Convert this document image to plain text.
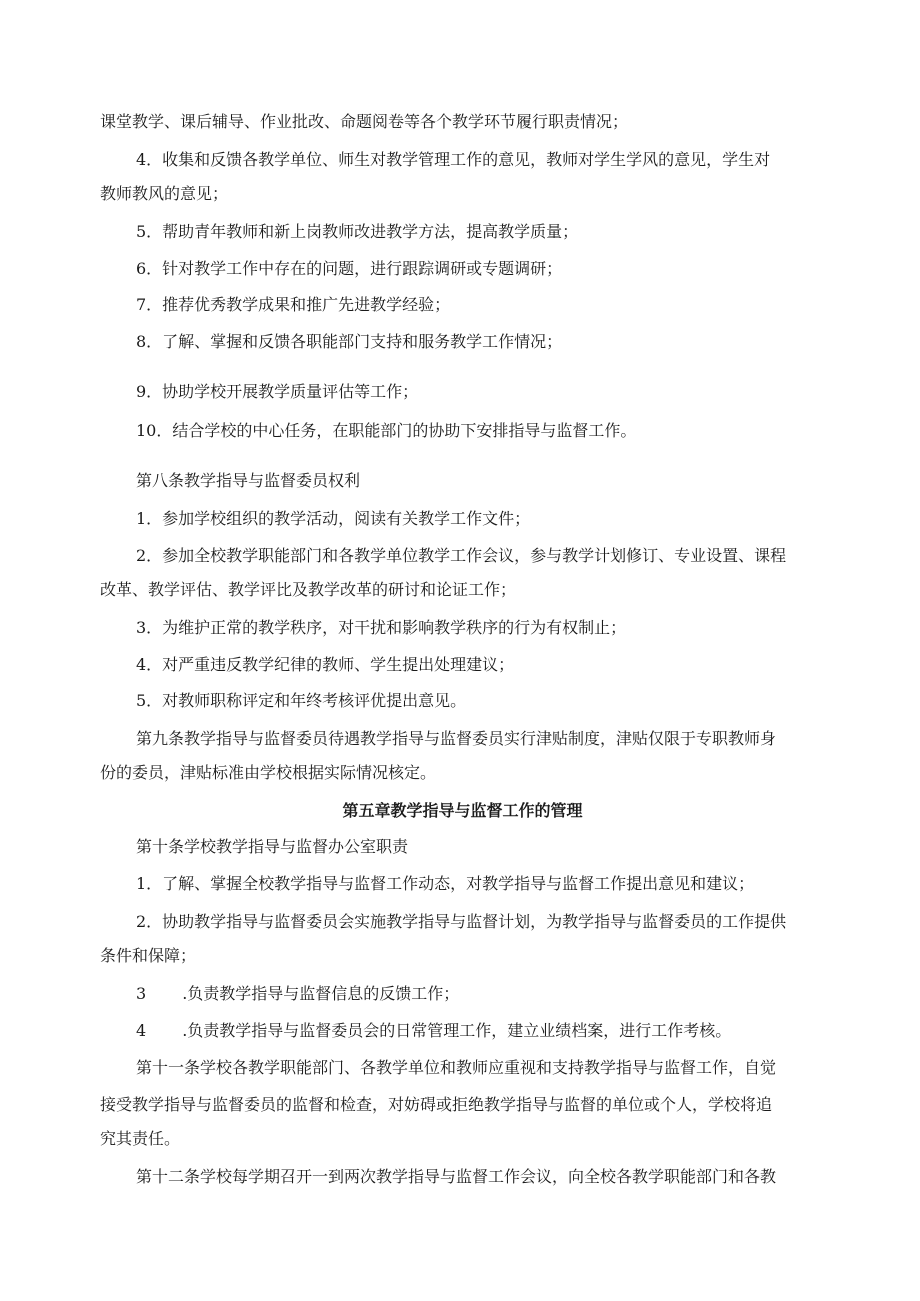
课堂教学、课后辅导、作业批改、命题阅卷等各个教学环节履行职责情况；
4．收集和反馈各教学单位、师生对教学管理工作的意见，教师对学生学风的意见，学生对
教师教风的意见；
5．帮助青年教师和新上岗教师改进教学方法，提高教学质量；
6．针对教学工作中存在的问题，进行跟踪调研或专题调研；
7．推荐优秀教学成果和推广先进教学经验；
8．了解、掌握和反馈各职能部门支持和服务教学工作情况；
9．协助学校开展教学质量评估等工作；
10．结合学校的中心任务，在职能部门的协助下安排指导与监督工作。
第八条教学指导与监督委员权利
1．参加学校组织的教学活动，阅读有关教学工作文件；
2．参加全校教学职能部门和各教学单位教学工作会议，参与教学计划修订、专业设置、课程
改革、教学评估、教学评比及教学改革的研讨和论证工作；
3．为维护正常的教学秩序，对干扰和影响教学秩序的行为有权制止；
4．对严重违反教学纪律的教师、学生提出处理建议；
5．对教师职称评定和年终考核评优提出意见。
第九条教学指导与监督委员待遇教学指导与监督委员实行津贴制度，津贴仅限于专职教师身
份的委员，津贴标准由学校根据实际情况核定。
第五章教学指导与监督工作的管理
第十条学校教学指导与监督办公室职责
1．了解、掌握全校教学指导与监督工作动态，对教学指导与监督工作提出意见和建议；
2．协助教学指导与监督委员会实施教学指导与监督计划，为教学指导与监督委员的工作提供
条件和保障；
3 .负责教学指导与监督信息的反馈工作；
4 .负责教学指导与监督委员会的日常管理工作，建立业绩档案，进行工作考核。
第十一条学校各教学职能部门、各教学单位和教师应重视和支持教学指导与监督工作，自觉
接受教学指导与监督委员的监督和检查，对妨碍或拒绝教学指导与监督的单位或个人，学校将追
究其责任。
第十二条学校每学期召开一到两次教学指导与监督工作会议，向全校各教学职能部门和各教
